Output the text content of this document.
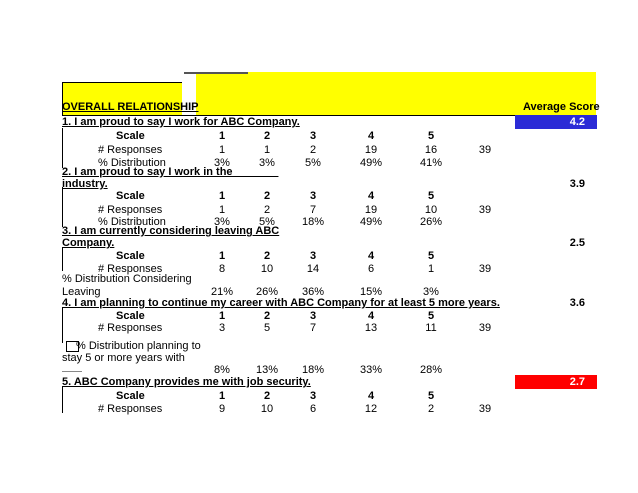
OVERALL RELATIONSHIP	Average Score
1. I am proud to say I work for ABC Company.	4.2
Scale	1	2	3	4	5
# Responses	1	1	2	19	16	39
% Distribution	3%	3%	5%	49%	41%
2. I am proud to say I work in the _______
industry.	3.9
Scale	1	2	3	4	5
# Responses	1	2	7	19	10	39
% Distribution	3%	5%	18%	49%	26%
3. I am currently considering leaving ABC
Company.	2.5
Scale	1	2	3	4	5
# Responses	8	10	14	6	1	39
% Distribution Considering
Leaving	21%	26%	36%	15%	3%
4. I am planning to continue my career with ABC Company for at least 5 more years.	3.6
Scale	1	2	3	4	5
# Responses	3	5	7	13	11	39
% Distribution planning to
stay 5 or more years with
8%	13%	18%	33%	28%
5. ABC Company provides me with job security.	2.7
Scale	1	2	3	4	5
# Responses	9	10	6	12	2	39
